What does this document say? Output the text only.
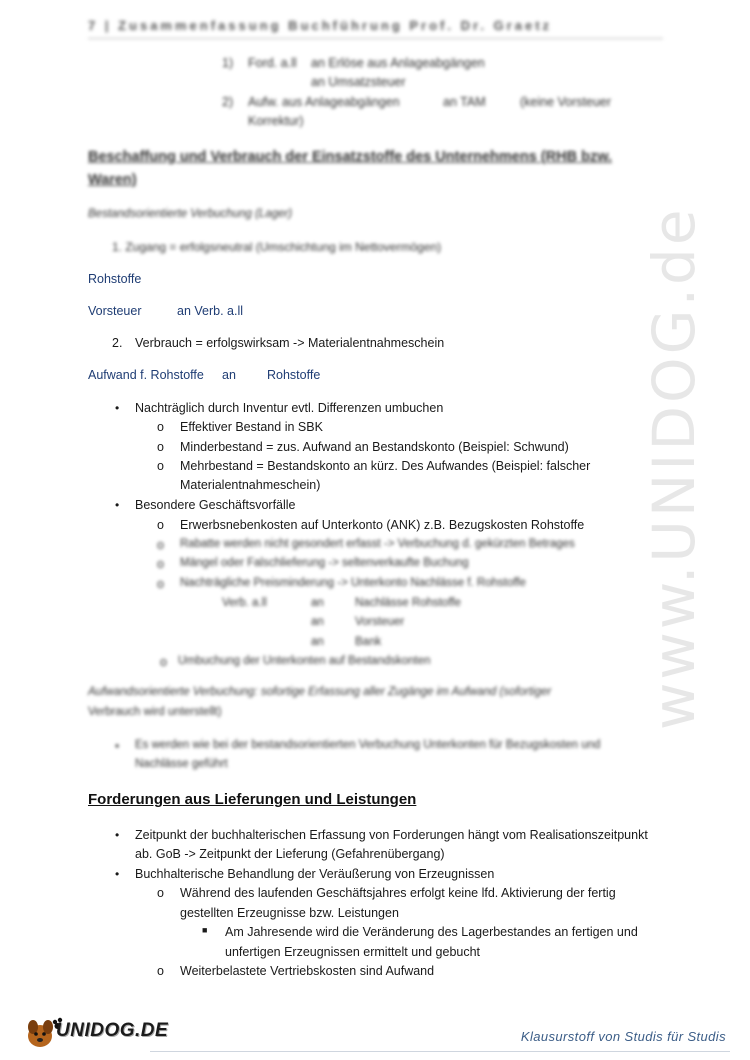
7 | Zusammenfassung Buchführung Prof. Dr. Graetz
1) Ford. a.ll an Erlöse aus Anlageabgängen
an Umsatzsteuer
2) Aufw. aus Anlageabgängen	an TAM	(keine Vorsteuer
Korrektur)
Beschaffung und Verbrauch der Einsatzstoffe des Unternehmens (RHB bzw.
Waren)
Bestandsorientierte Verbuchung (Lager)
1. Zugang = erfolgsneutral (Umschichtung im Nettovermögen)
Rohstoffe
Vorsteuer	an Verb. a.ll
2. Verbrauch = erfolgswirksam -> Materialentnahmeschein
Aufwand f. Rohstoffe an Rohstoffe
• Nachträglich durch Inventur evtl. Differenzen umbuchen
o Effektiver Bestand in SBK
o Minderbestand = zus. Aufwand an Bestandskonto (Beispiel: Schwund)
o Mehrbestand = Bestandskonto an kürz. Des Aufwandes (Beispiel: falscher
Materialentnahmeschein)
• Besondere Geschäftsvorfälle
o Erwerbsnebenkosten auf Unterkonto (ANK) z.B. Bezugskosten Rohstoffe
o Rabatte werden nicht gesondert erfasst -> Verbuchung d. gekürzten Betrages
o Mängel oder Falschlieferung -> seltenverkaufte Buchung
o Nachträgliche Preisminderung -> Unterkonto Nachlässe f. Rohstoffe
Verb. a.ll	an	Nachlässe Rohstoffe
an	Vorsteuer
an	Bank
o Umbuchung der Unterkonten auf Bestandskonten
Aufwandsorientierte Verbuchung: sofortige Erfassung aller Zugänge im Aufwand (sofortiger
Verbrauch wird unterstellt)
• Es werden wie bei der bestandsorientierten Verbuchung Unterkonten für Bezugskosten und
Nachlässe geführt
Forderungen aus Lieferungen und Leistungen
• Zeitpunkt der buchhalterischen Erfassung von Forderungen hängt vom Realisationszeitpunkt
ab. GoB -> Zeitpunkt der Lieferung (Gefahrenübergang)
• Buchhalterische Behandlung der Veräußerung von Erzeugnissen
o Während des laufenden Geschäftsjahres erfolgt keine lfd. Aktivierung der fertig
gestellten Erzeugnisse bzw. Leistungen
■ Am Jahresende wird die Veränderung des Lagerbestandes an fertigen und
unfertigen Erzeugnissen ermittelt und gebucht
o Weiterbelastete Vertriebskosten sind Aufwand
www.UNIDOG.de
UNIDOG.DE	Klausurstoff von Studis für Studis
